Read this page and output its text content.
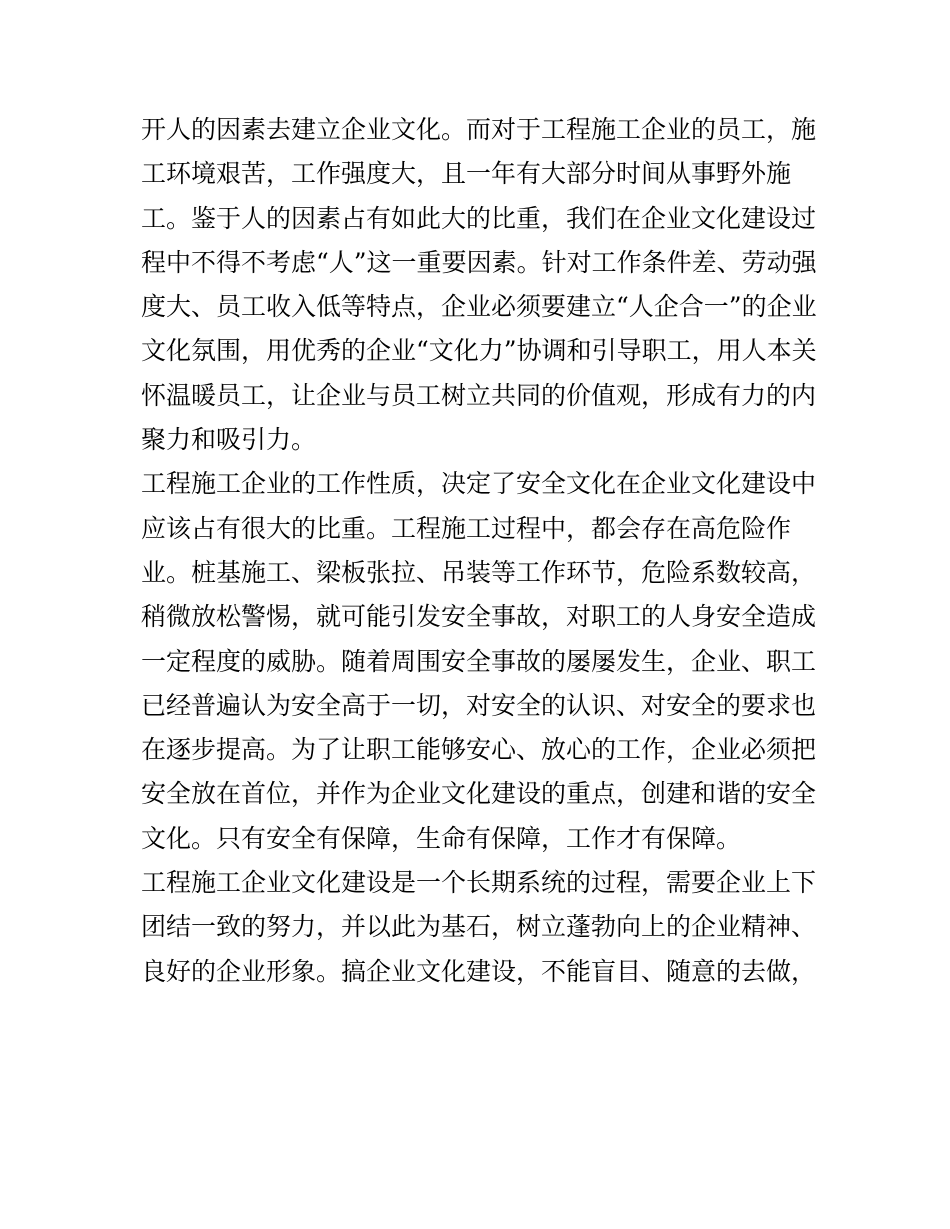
开人的因素去建立企业文化。而对于工程施工企业的员工，施
工环境艰苦，工作强度大，且一年有大部分时间从事野外施
工。鉴于人的因素占有如此大的比重，我们在企业文化建设过
程中不得不考虑“人”这一重要因素。针对工作条件差、劳动强
度大、员工收入低等特点，企业必须要建立“人企合一”的企业
文化氛围，用优秀的企业“文化力”协调和引导职工，用人本关
怀温暖员工，让企业与员工树立共同的价值观，形成有力的内
聚力和吸引力。
工程施工企业的工作性质，决定了安全文化在企业文化建设中
应该占有很大的比重。工程施工过程中，都会存在高危险作
业。桩基施工、梁板张拉、吊装等工作环节，危险系数较高，
稍微放松警惕，就可能引发安全事故，对职工的人身安全造成
一定程度的威胁。随着周围安全事故的屡屡发生，企业、职工
已经普遍认为安全高于一切，对安全的认识、对安全的要求也
在逐步提高。为了让职工能够安心、放心的工作，企业必须把
安全放在首位，并作为企业文化建设的重点，创建和谐的安全
文化。只有安全有保障，生命有保障，工作才有保障。
工程施工企业文化建设是一个长期系统的过程，需要企业上下
团结一致的努力，并以此为基石，树立蓬勃向上的企业精神、
良好的企业形象。搞企业文化建设，不能盲目、随意的去做，
